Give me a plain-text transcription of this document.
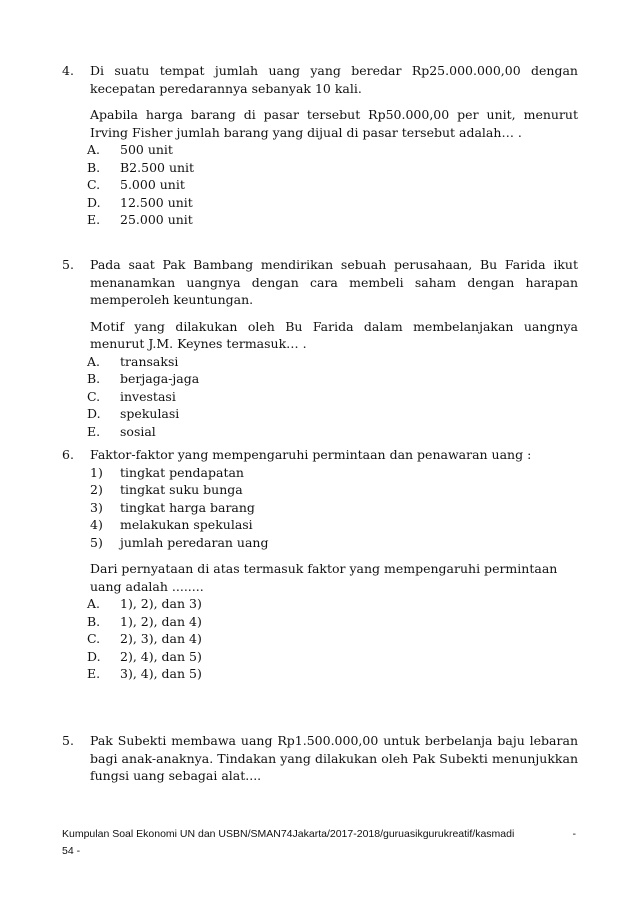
4. Di suatu tempat jumlah uang yang beredar Rp25.000.000,00 dengan kecepatan peredarannya sebanyak 10 kali.
Apabila harga barang di pasar tersebut Rp50.000,00 per unit, menurut Irving Fisher jumlah barang yang dijual di pasar tersebut adalah… .
A. 500 unit
B. B2.500 unit
C. 5.000 unit
D. 12.500 unit
E. 25.000 unit
5. Pada saat Pak Bambang mendirikan sebuah perusahaan, Bu Farida ikut menanamkan uangnya dengan cara membeli saham dengan harapan memperoleh keuntungan.
Motif yang dilakukan oleh Bu Farida dalam membelanjakan uangnya menurut J.M. Keynes termasuk… .
A. transaksi
B. berjaga-jaga
C. investasi
D. spekulasi
E. sosial
6. Faktor-faktor yang mempengaruhi permintaan dan penawaran uang :
1) tingkat pendapatan
2) tingkat suku bunga
3) tingkat harga barang
4) melakukan spekulasi
5) jumlah peredaran uang
Dari pernyataan di atas termasuk faktor yang mempengaruhi permintaan uang adalah ........
A. 1), 2), dan 3)
B. 1), 2), dan 4)
C. 2), 3), dan 4)
D. 2), 4), dan 5)
E. 3), 4), dan 5)
5. Pak Subekti membawa uang Rp1.500.000,00 untuk berbelanja baju lebaran bagi anak-anaknya. Tindakan yang dilakukan oleh Pak Subekti menunjukkan fungsi uang sebagai alat....
Kumpulan Soal Ekonomi UN dan USBN/SMAN74Jakarta/2017-2018/guruasikgurukreatif/kasmadi	-
54 -
